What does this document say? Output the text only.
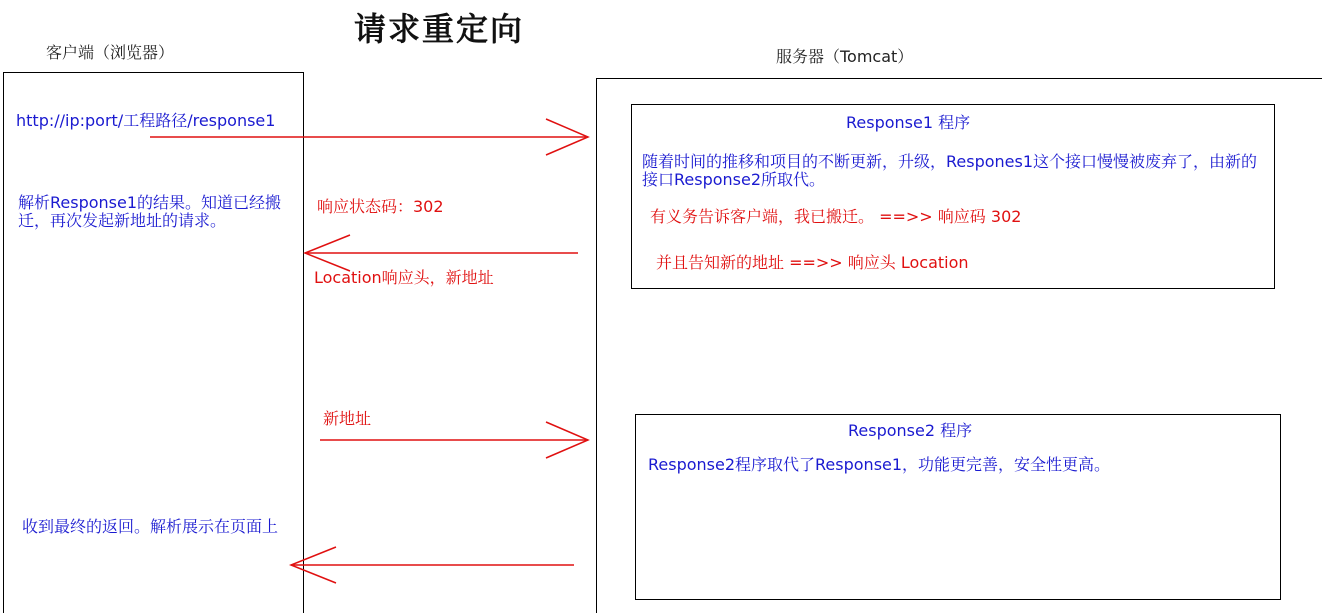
请求重定向
客户端（浏览器）	服务器（Tomcat）
http://ip:port/工程路径/response1
解析Response1的结果。知道已经搬迁，再次发起新地址的请求。
收到最终的返回。解析展示在页面上
响应状态码：302
Location响应头，新地址
新地址
Response1 程序
随着时间的推移和项目的不断更新，升级，Respones1这个接口慢慢被废弃了，由新的接口Response2所取代。
有义务告诉客户端，我已搬迁。 ==>> 响应码 302
并且告知新的地址 ==>> 响应头 Location
Response2 程序
Response2程序取代了Response1，功能更完善，安全性更高。
